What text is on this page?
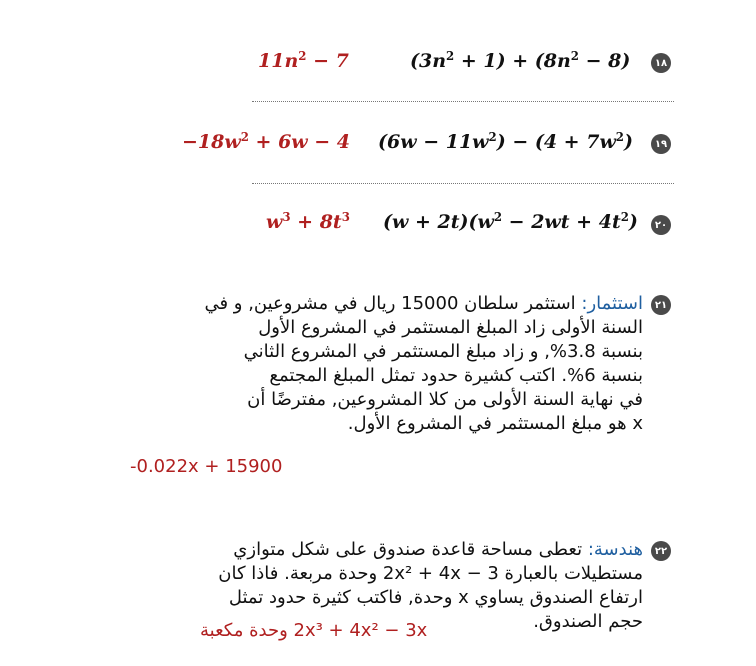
١٨
$(3n^2 + 1) + (8n^2 - 8)$
$11n^2 - 7$
١٩
$(6w - 11w^2) - (4 + 7w^2)$
$-18w^2 + 6w - 4$
٢٠
$(w + 2t)(w^2 - 2wt + 4t^2)$
$w^3 + 8t^3$
٢١
استثمار: استثمر سلطان 15000 ريال في مشروعين, و في
السنة الأولى زاد المبلغ المستثمر في المشروع الأول
بنسبة 3.8%, و زاد مبلغ المستثمر في المشروع الثاني
بنسبة 6%. اكتب كشيرة حدود تمثل المبلغ المجتمع
في نهاية السنة الأولى من كلا المشروعين, مفترضًا أن
x هو مبلغ المستثمر في المشروع الأول.
-0.022x + 15900
٢٢
هندسة: تعطى مساحة قاعدة صندوق على شكل متوازي
مستطيلات بالعبارة 3 − 2x² + 4x وحدة مربعة. فاذا كان
ارتفاع الصندوق يساوي x وحدة, فاكتب كثيرة حدود تمثل
حجم الصندوق.
2x³ + 4x² − 3x وحدة مكعبة
